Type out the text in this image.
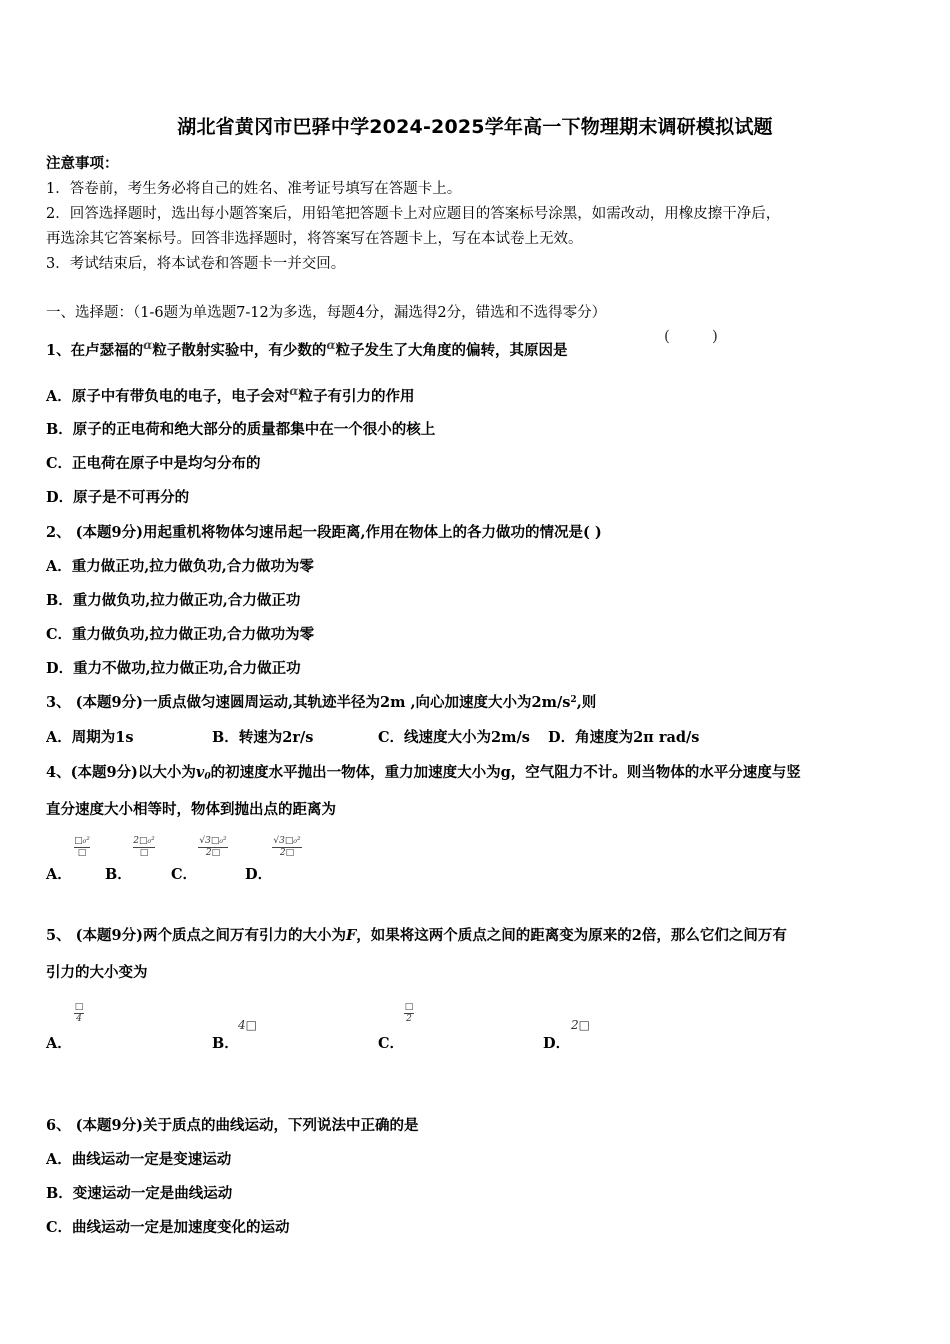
湖北省黄冈市巴驿中学2024-2025学年高一下物理期末调研模拟试题
注意事项：
1．答卷前，考生务必将自己的姓名、准考证号填写在答题卡上。
2．回答选择题时，选出每小题答案后，用铅笔把答题卡上对应题目的答案标号涂黑，如需改动，用橡皮擦干净后，
再选涂其它答案标号。回答非选择题时，将答案写在答题卡上，写在本试卷上无效。
3．考试结束后，将本试卷和答题卡一并交回。
一、选择题：（1-6题为单选题7-12为多选，每题4分，漏选得2分，错选和不选得零分）
1、在卢瑟福的$^\alpha$粒子散射实验中，有少数的$^\alpha$粒子发生了大角度的偏转，其原因是
(	)
A．原子中有带负电的电子，电子会对$^\alpha$粒子有引力的作用
B．原子的正电荷和绝大部分的质量都集中在一个很小的核上
C．正电荷在原子中是均匀分布的
D．原子是不可再分的
2、 (本题9分)用起重机将物体匀速吊起一段距离,作用在物体上的各力做功的情况是( )
A．重力做正功,拉力做负功,合力做功为零
B．重力做负功,拉力做正功,合力做正功
C．重力做负功,拉力做正功,合力做功为零
D．重力不做功,拉力做正功,合力做正功
3、 (本题9分)一质点做匀速圆周运动,其轨迹半径为2m ,向心加速度大小为$2m/s^2$,则
A．周期为1s	B．转速为2r/s	C．线速度大小为2m/s D．角速度为2π rad/s
4、(本题9分)以大小为$v_0$的初速度水平抛出一物体，重力加速度大小为g，空气阻力不计。则当物体的水平分速度与竖
直分速度大小相等时，物体到抛出点的距离为
A．
□₀²
□
B．
2□₀²
□
C．
√3□₀²
2□
D．
√3□₀²
2□
5、 (本题9分)两个质点之间万有引力的大小为F，如果将这两个质点之间的距离变为原来的2倍，那么它们之间万有
引力的大小变为
A．
□
4
B．
4□
C．
□
2
D．
2□
6、 (本题9分)关于质点的曲线运动，下列说法中正确的是
A．曲线运动一定是变速运动
B．变速运动一定是曲线运动
C．曲线运动一定是加速度变化的运动
